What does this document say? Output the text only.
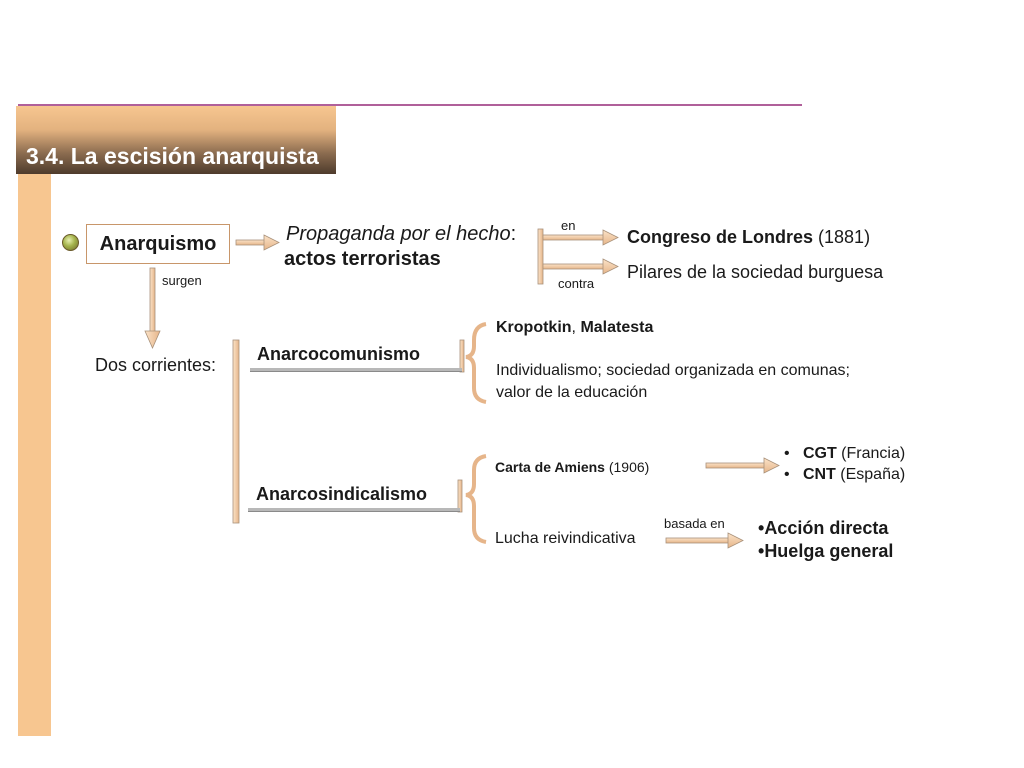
3.4. La escisión anarquista
Anarquismo	Propaganda por el hecho:
actos terroristas
en
contra
Congreso de Londres (1881)
Pilares de la sociedad burguesa
surgen
Dos corrientes:
Anarcocomunismo
Kropotkin, Malatesta
Individualismo; sociedad organizada en comunas;
valor de la educación
Anarcosindicalismo
Carta de Amiens (1906)
•   CGT (Francia)
•   CNT (España)
basada en
Lucha reivindicativa
•Acción directa
•Huelga general
